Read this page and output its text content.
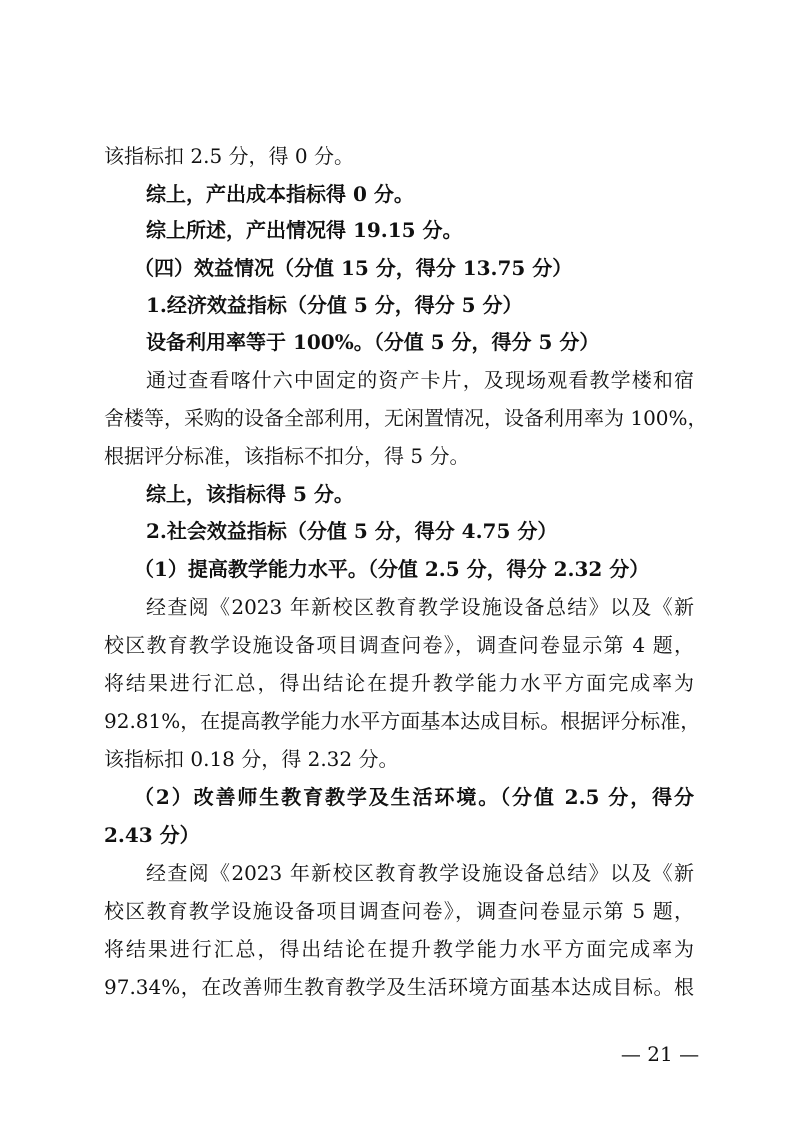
该指标扣 2.5 分，得 0 分。
综上，产出成本指标得 0 分。
综上所述，产出情况得 19.15 分。
（四）效益情况（分值 15 分，得分 13.75 分）
1.经济效益指标（分值 5 分，得分 5 分）
设备利用率等于 100%。（分值 5 分，得分 5 分）
通过查看喀什六中固定的资产卡片，及现场观看教学楼和宿
舍楼等，采购的设备全部利用，无闲置情况，设备利用率为 100%，
根据评分标准，该指标不扣分，得 5 分。
综上，该指标得 5 分。
2.社会效益指标（分值 5 分，得分 4.75 分）
（1）提高教学能力水平。（分值 2.5 分，得分 2.32 分）
经查阅《2023 年新校区教育教学设施设备总结》以及《新
校区教育教学设施设备项目调查问卷》，调查问卷显示第 4 题，
将结果进行汇总，得出结论在提升教学能力水平方面完成率为
92.81%，在提高教学能力水平方面基本达成目标。根据评分标准，
该指标扣 0.18 分，得 2.32 分。
（2）改善师生教育教学及生活环境。（分值 2.5 分，得分
2.43 分）
经查阅《2023 年新校区教育教学设施设备总结》以及《新
校区教育教学设施设备项目调查问卷》，调查问卷显示第 5 题，
将结果进行汇总，得出结论在提升教学能力水平方面完成率为
97.34%，在改善师生教育教学及生活环境方面基本达成目标。根
— 21 —
